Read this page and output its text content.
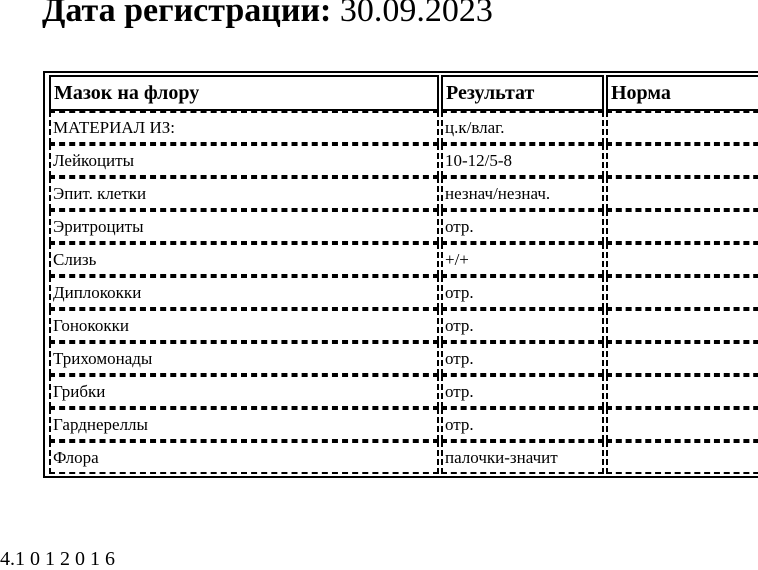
Дата регистрации: 30.09.2023
Мазок на флору	Результат	Норма
МАТЕРИАЛ ИЗ:	ц.к/влаг.	
Лейкоциты	10-12/5-8	
Эпит. клетки	незнач/незнач.	
Эритроциты	отр.	
Слизь	+/+	
Диплококки	отр.	
Гонококки	отр.	
Трихомонады	отр.	
Грибки	отр.	
Гарднереллы	отр.	
Флора	палочки-значит	
4.1 0 1 2 0 1 6
